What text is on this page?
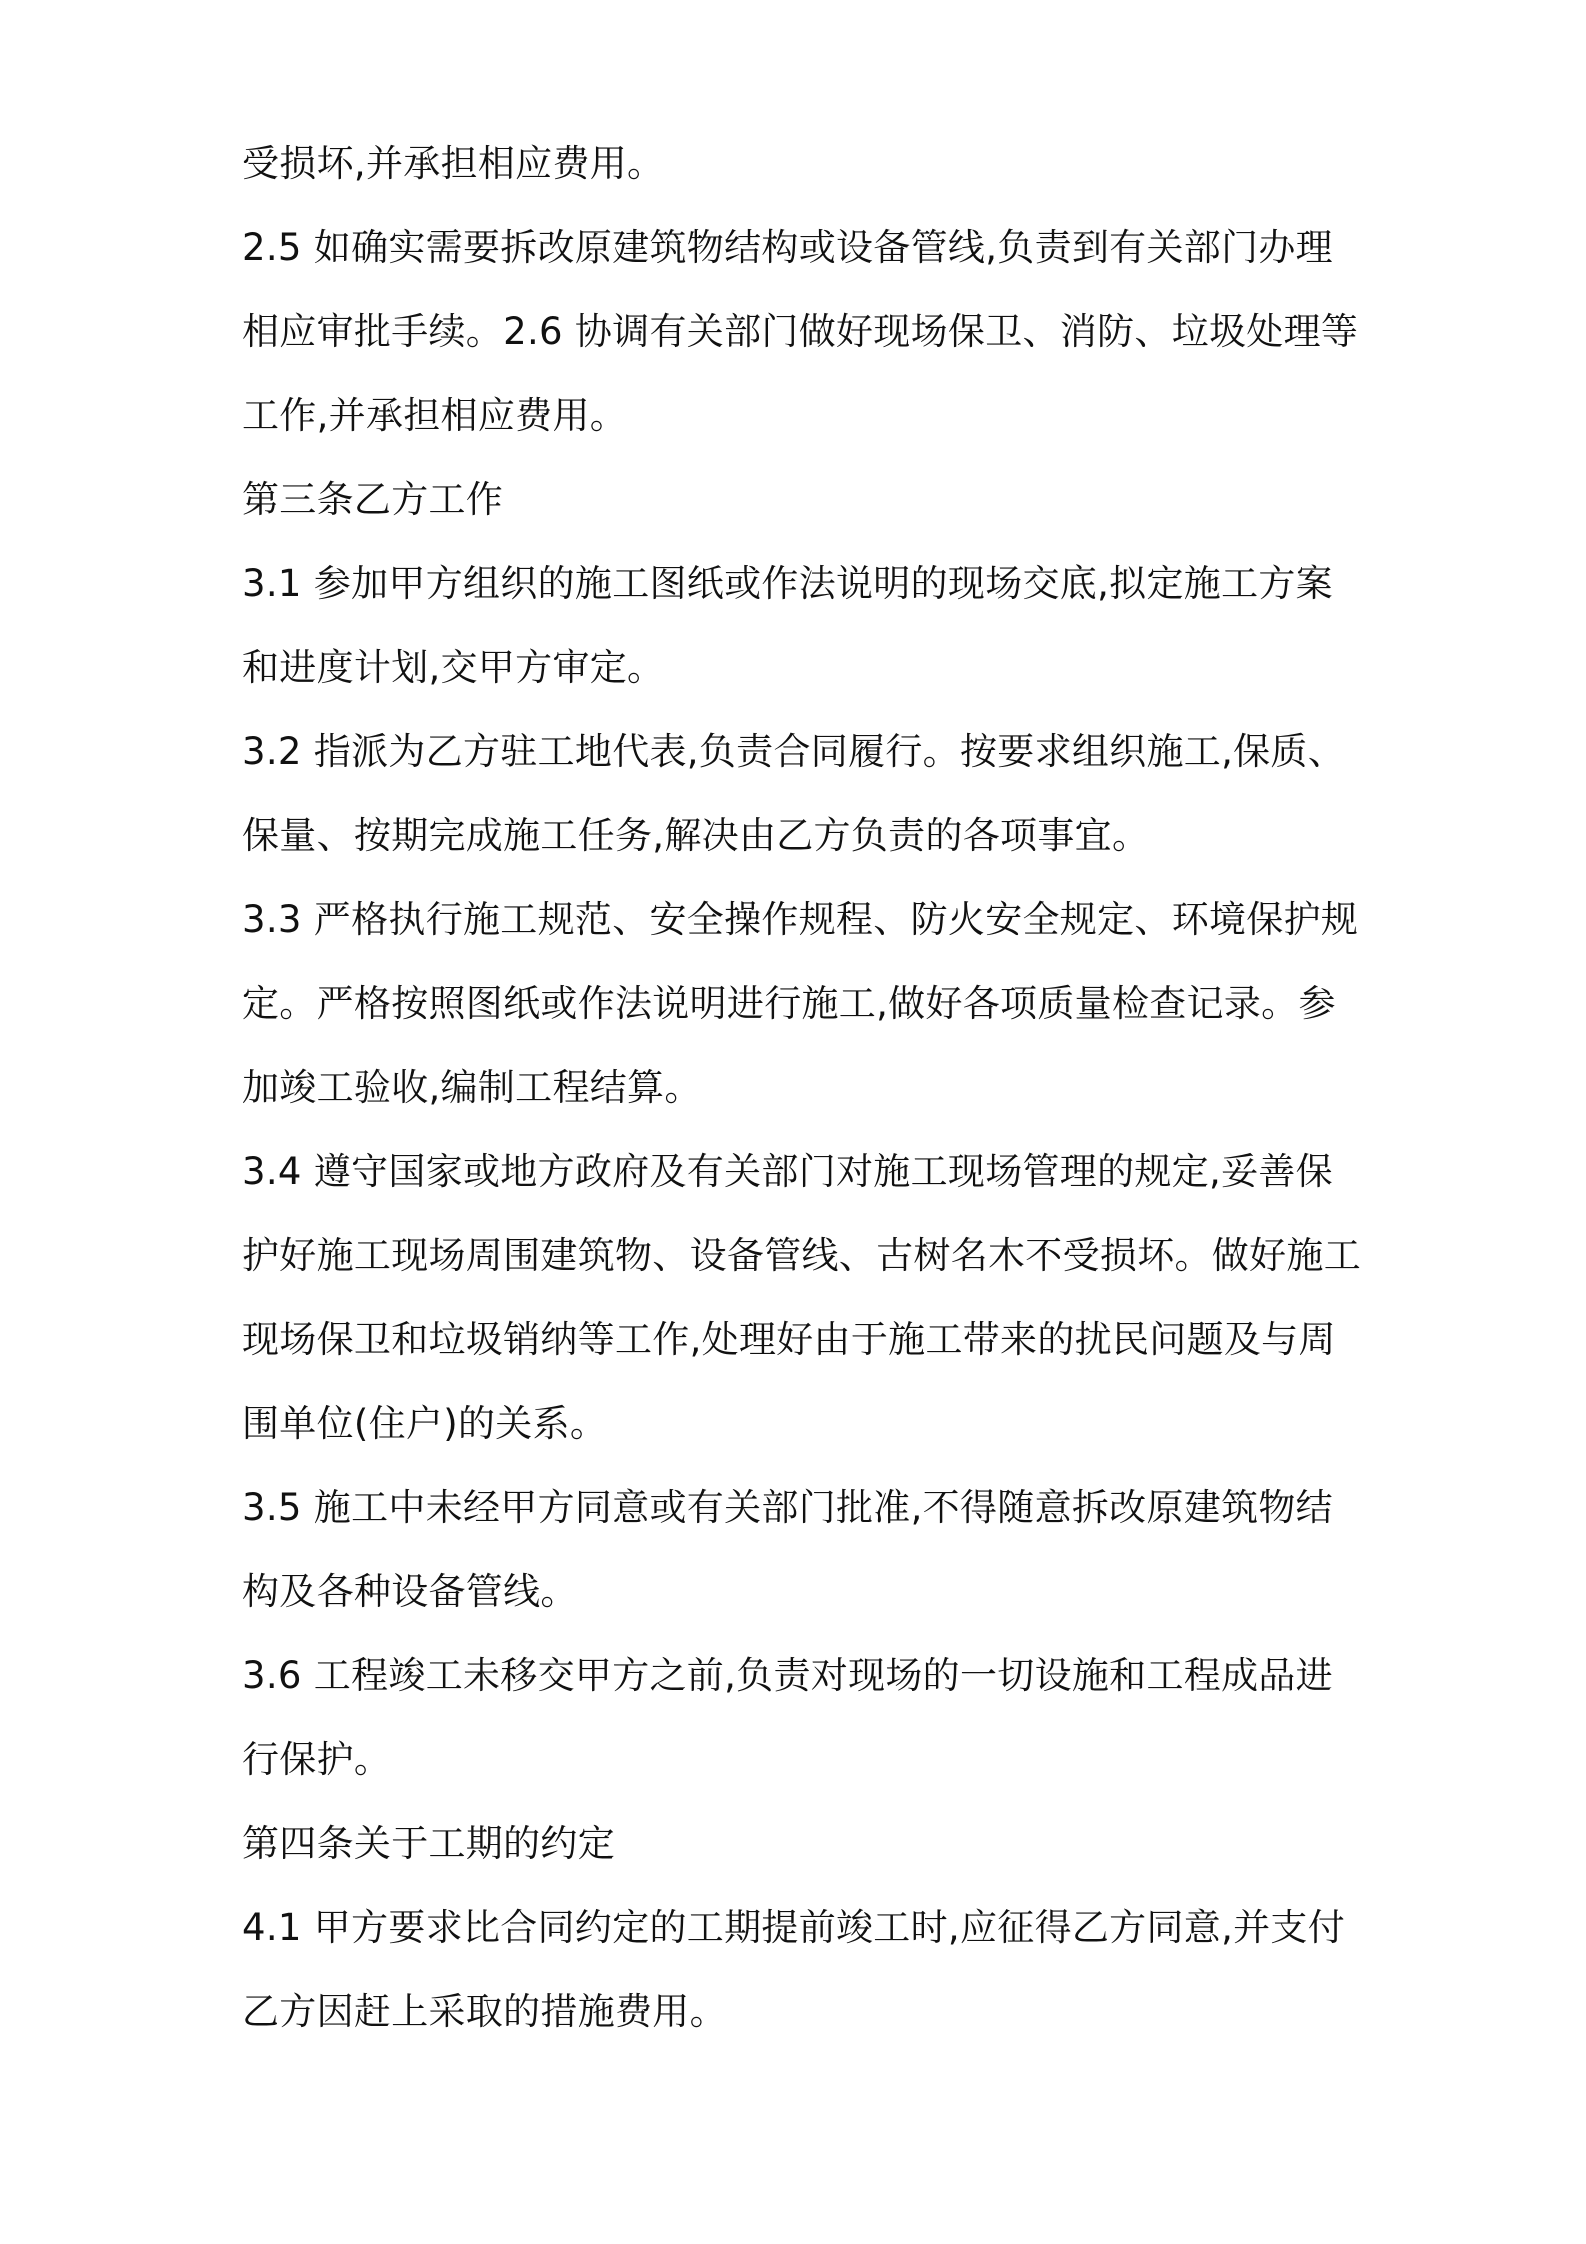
受损坏,并承担相应费用。
2.5 如确实需要拆改原建筑物结构或设备管线,负责到有关部门办理
相应审批手续。2.6 协调有关部门做好现场保卫、消防、垃圾处理等
工作,并承担相应费用。
第三条乙方工作
3.1 参加甲方组织的施工图纸或作法说明的现场交底,拟定施工方案
和进度计划,交甲方审定。
3.2 指派为乙方驻工地代表,负责合同履行。按要求组织施工,保质、
保量、按期完成施工任务,解决由乙方负责的各项事宜。
3.3 严格执行施工规范、安全操作规程、防火安全规定、环境保护规
定。严格按照图纸或作法说明进行施工,做好各项质量检查记录。参
加竣工验收,编制工程结算。
3.4 遵守国家或地方政府及有关部门对施工现场管理的规定,妥善保
护好施工现场周围建筑物、设备管线、古树名木不受损坏。做好施工
现场保卫和垃圾销纳等工作,处理好由于施工带来的扰民问题及与周
围单位(住户)的关系。
3.5 施工中未经甲方同意或有关部门批准,不得随意拆改原建筑物结
构及各种设备管线。
3.6 工程竣工未移交甲方之前,负责对现场的一切设施和工程成品进
行保护。
第四条关于工期的约定
4.1 甲方要求比合同约定的工期提前竣工时,应征得乙方同意,并支付
乙方因赶上采取的措施费用。
